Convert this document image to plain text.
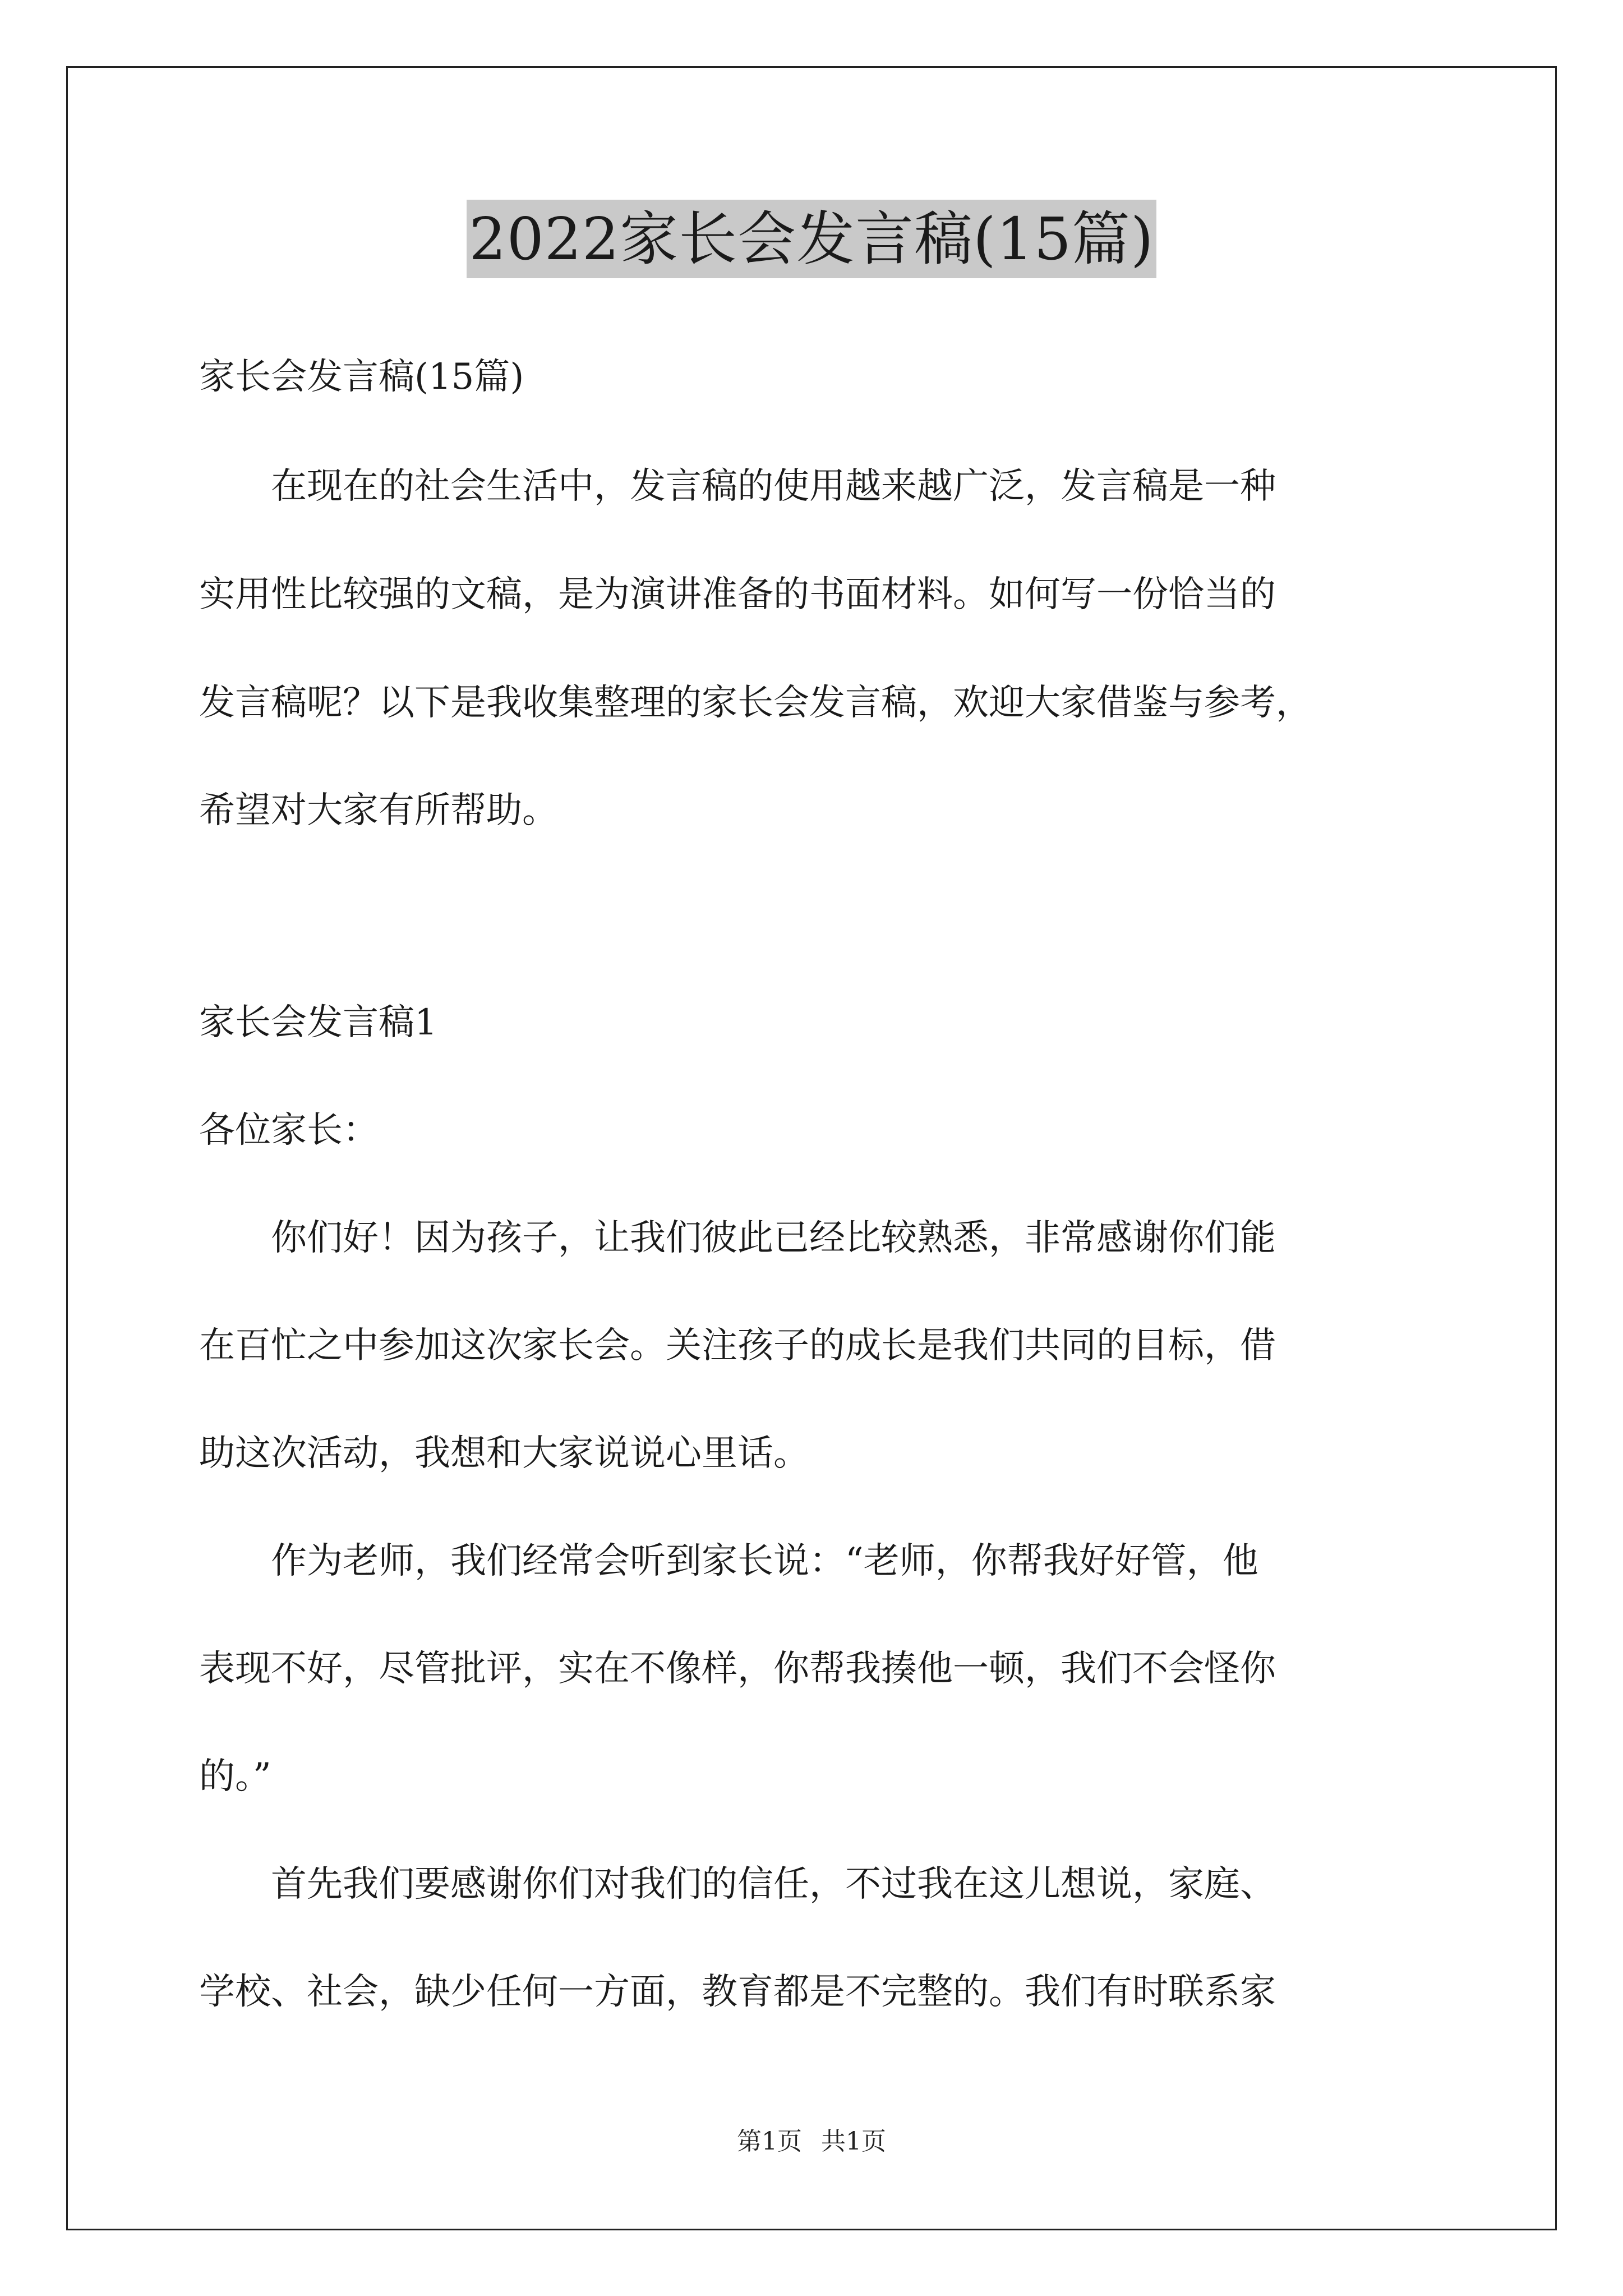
2022家长会发言稿(15篇)
家长会发言稿(15篇)
　　在现在的社会生活中，发言稿的使用越来越广泛，发言稿是一种
实用性比较强的文稿，是为演讲准备的书面材料。如何写一份恰当的
发言稿呢？以下是我收集整理的家长会发言稿，欢迎大家借鉴与参考，
希望对大家有所帮助。
家长会发言稿1
各位家长：
　　你们好！因为孩子，让我们彼此已经比较熟悉，非常感谢你们能
在百忙之中参加这次家长会。关注孩子的成长是我们共同的目标，借
助这次活动，我想和大家说说心里话。
　　作为老师，我们经常会听到家长说：“老师，你帮我好好管，他
表现不好，尽管批评，实在不像样，你帮我揍他一顿，我们不会怪你
的。”
　　首先我们要感谢你们对我们的信任，不过我在这儿想说，家庭、
学校、社会，缺少任何一方面，教育都是不完整的。我们有时联系家
第1页 共1页
